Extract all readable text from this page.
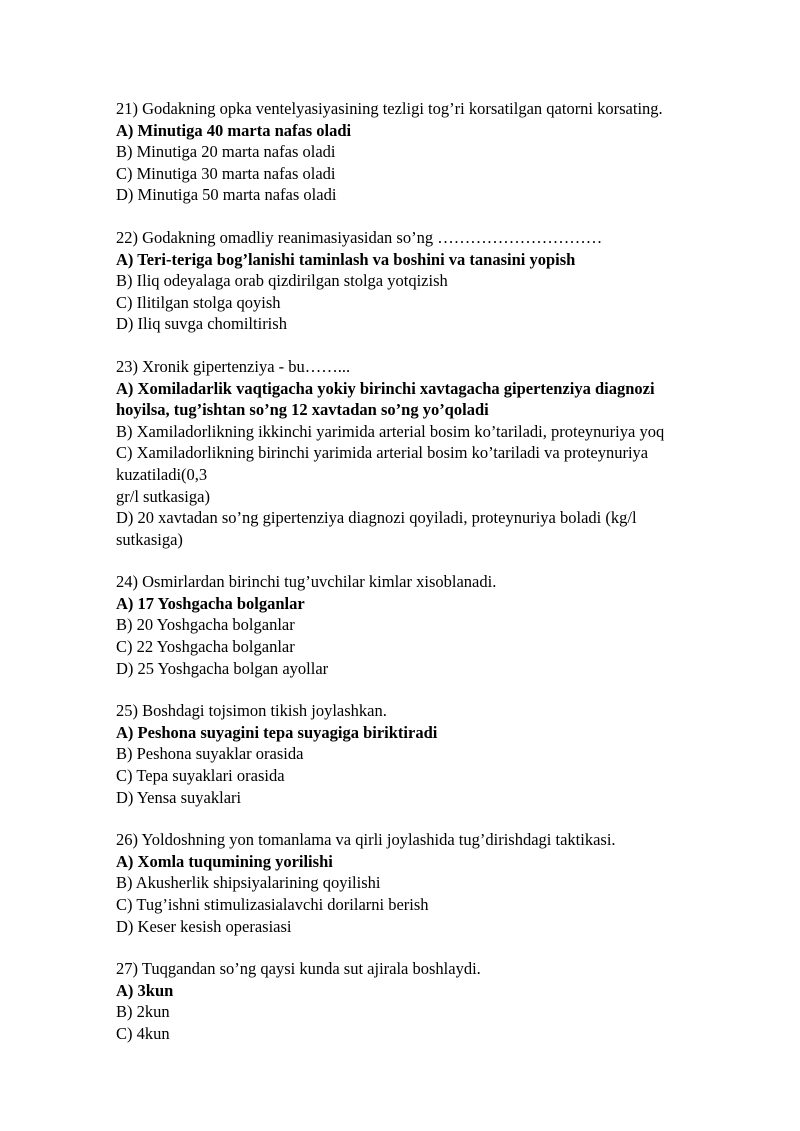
21) Godakning opka ventelyasiyasining tezligi tog’ri korsatilgan qatorni korsating.
A) Minutiga 40 marta nafas oladi
B) Minutiga 20 marta nafas oladi
C) Minutiga 30 marta nafas oladi
D) Minutiga 50 marta nafas oladi
22) Godakning omadliy reanimasiyasidan so’ng …………………………
A) Teri-teriga bog’lanishi taminlash va boshini va tanasini yopish
B) Iliq odeyalaga orab qizdirilgan stolga yotqizish
C) Ilitilgan stolga qoyish
D) Iliq suvga chomiltirish
23) Xronik gipertenziya - bu……...
A) Xomiladarlik vaqtigacha yokiy birinchi xavtagacha gipertenziya diagnozi
hoyilsa, tug’ishtan so’ng 12 xavtadan so’ng yo’qoladi
B) Xamiladorlikning ikkinchi yarimida arterial bosim ko’tariladi, proteynuriya yoq
C) Xamiladorlikning birinchi yarimida arterial bosim ko’tariladi va proteynuriya
kuzatiladi(0,3
gr/l sutkasiga)
D) 20 xavtadan so’ng gipertenziya diagnozi qoyiladi, proteynuriya boladi (kg/l
sutkasiga)
24) Osmirlardan birinchi tug’uvchilar kimlar xisoblanadi.
A) 17 Yoshgacha bolganlar
B) 20 Yoshgacha bolganlar
C) 22 Yoshgacha bolganlar
D) 25 Yoshgacha bolgan ayollar
25) Boshdagi tojsimon tikish joylashkan.
A) Peshona suyagini tepa suyagiga biriktiradi
B) Peshona suyaklar orasida
C) Tepa suyaklari orasida
D) Yensa suyaklari
26) Yoldoshning yon tomanlama va qirli joylashida tug’dirishdagi taktikasi.
A) Xomla tuqumining yorilishi
B) Akusherlik shipsiyalarining qoyilishi
C) Tug’ishni stimulizasialavchi dorilarni berish
D) Keser kesish operasiasi
27) Tuqgandan so’ng qaysi kunda sut ajirala boshlaydi.
A) 3kun
B) 2kun
C) 4kun
